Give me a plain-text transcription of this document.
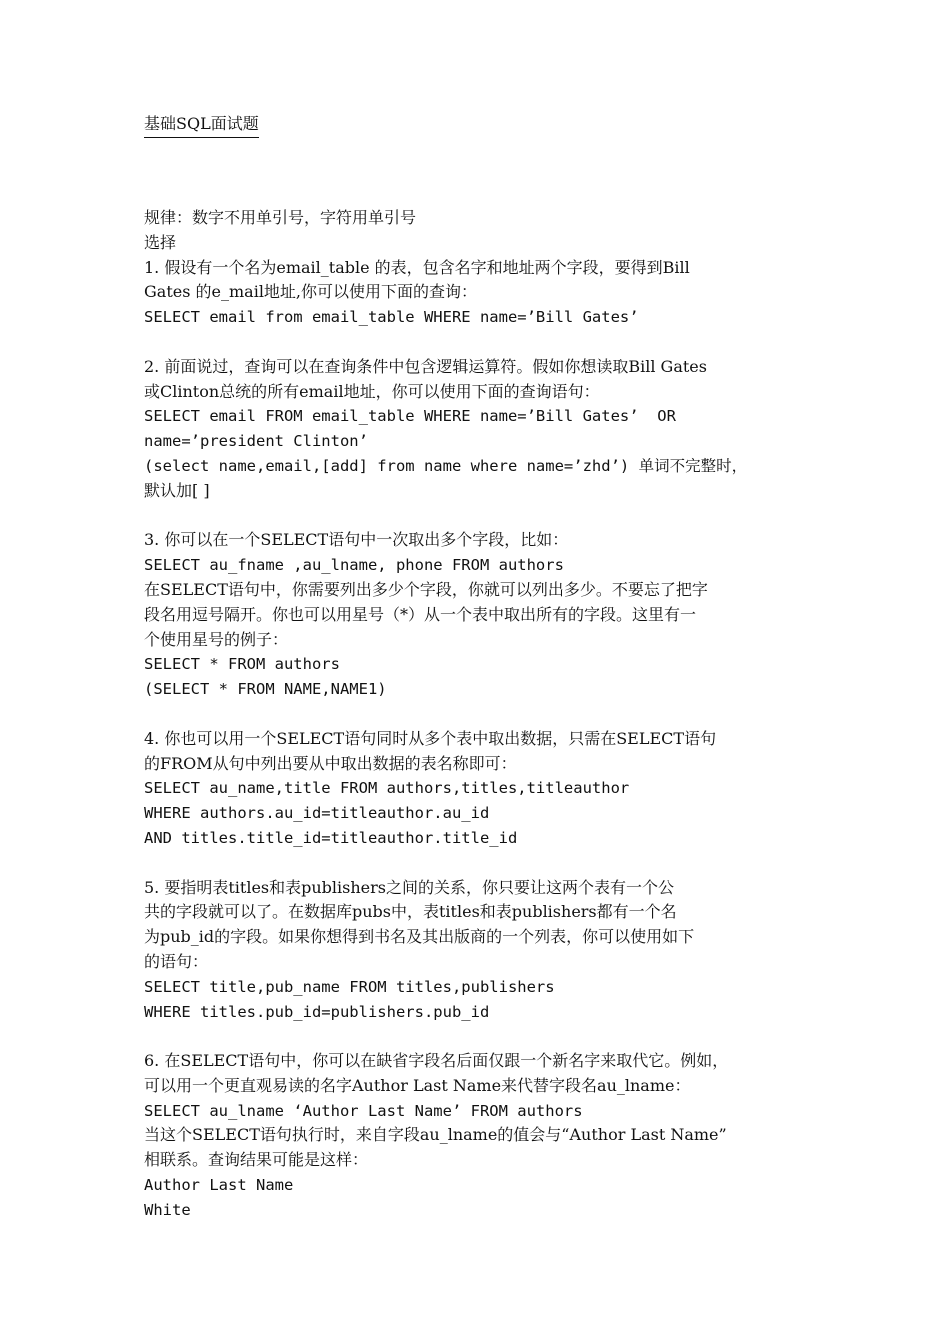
基础SQL面试题
规律：数字不用单引号，字符用单引号
选择
1. 假设有一个名为email_table 的表，包含名字和地址两个字段，要得到Bill
Gates 的e_mail地址,你可以使用下面的查询：
SELECT email from email_table WHERE name=’Bill Gates’
2. 前面说过，查询可以在查询条件中包含逻辑运算符。假如你想读取Bill Gates
或Clinton总统的所有email地址，你可以使用下面的查询语句：
SELECT email FROM email_table WHERE name=’Bill Gates’  OR
name=’president Clinton’
(select name,email,[add] from name where name=’zhd’) 单词不完整时，
默认加[ ]
3. 你可以在一个SELECT语句中一次取出多个字段，比如：
SELECT au_fname ,au_lname, phone FROM authors
在SELECT语句中，你需要列出多少个字段，你就可以列出多少。不要忘了把字
段名用逗号隔开。你也可以用星号（*）从一个表中取出所有的字段。这里有一
个使用星号的例子：
SELECT * FROM authors
(SELECT * FROM NAME,NAME1)
4. 你也可以用一个SELECT语句同时从多个表中取出数据，只需在SELECT语句
的FROM从句中列出要从中取出数据的表名称即可：
SELECT au_name,title FROM authors,titles,titleauthor
WHERE authors.au_id=titleauthor.au_id
AND titles.title_id=titleauthor.title_id
5. 要指明表titles和表publishers之间的关系，你只要让这两个表有一个公
共的字段就可以了。在数据库pubs中，表titles和表publishers都有一个名
为pub_id的字段。如果你想得到书名及其出版商的一个列表，你可以使用如下
的语句：
SELECT title,pub_name FROM titles,publishers
WHERE titles.pub_id=publishers.pub_id
6. 在SELECT语句中，你可以在缺省字段名后面仅跟一个新名字来取代它。例如，
可以用一个更直观易读的名字Author Last Name来代替字段名au_lname：
SELECT au_lname ‘Author Last Name’ FROM authors
当这个SELECT语句执行时，来自字段au_lname的值会与“Author Last Name”
相联系。查询结果可能是这样：
Author Last Name
White
